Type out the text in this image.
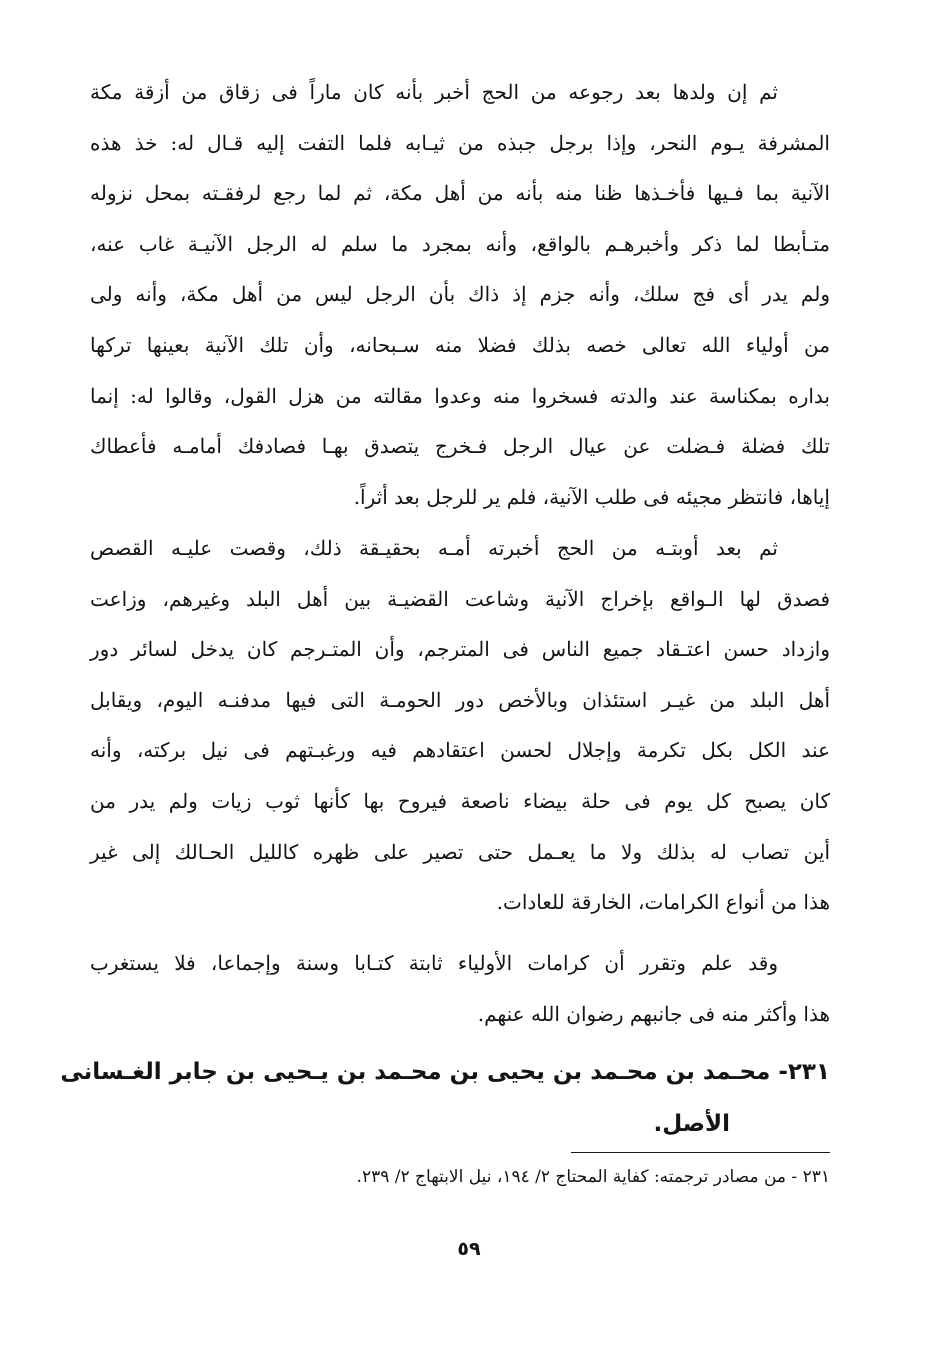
ثم إن ولدها بعد رجوعه من الحج أخبر بأنه كان ماراً فى زقاق من أزقة مكة
المشرفة يـوم النحر، وإذا برجل جبذه من ثيـابه فلما التفت إليه قـال له: خذ هذه
الآنية بما فـيها فأخـذها ظنا منه بأنه من أهل مكة، ثم لما رجع لرفقـته بمحل نزوله
متـأبطا لما ذكر وأخبرهـم بالواقع، وأنه بمجرد ما سلم له الرجل الآنيـة غاب عنه،
ولم يدر أى فج سلك، وأنه جزم إذ ذاك بأن الرجل ليس من أهل مكة، وأنه ولى
من أولياء الله تعالى خصه بذلك فضلا منه سـبحانه، وأن تلك الآنية بعينها تركها
بداره بمكناسة عند والدته فسخروا منه وعدوا مقالته من هزل القول، وقالوا له: إنما
تلك فضلة فـضلت عن عيال الرجل فـخرج يتصدق بهـا فصادفك أمامـه فأعطاك
إياها، فانتظر مجيئه فى طلب الآنية، فلم ير للرجل بعد أثراً.

ثم بعد أوبتـه من الحج أخبرته أمـه بحقيـقة ذلك، وقصت عليـه القصص
فصدق لها الـواقع بإخراج الآنية وشاعت القضيـة بين أهل البلد وغيرهم، وزاعت
وازداد حسن اعتـقاد جميع الناس فى المترجم، وأن المتـرجم كان يدخل لسائر دور
أهل البلد من غيـر استئذان وبالأخص دور الحومـة التى فيها مدفنـه اليوم، ويقابل
عند الكل بكل تكرمة وإجلال لحسن اعتقادهم فيه ورغبـتهم فى نيل بركته، وأنه
كان يصبح كل يوم فى حلة بيضاء ناصعة فيروح بها كأنها ثوب زيات ولم يدر من
أين تصاب له بذلك ولا ما يعـمل حتى تصير على ظهره كالليل الحـالك إلى غير
هذا من أنواع الكرامات، الخارقة للعادات.

وقد علم وتقرر أن كرامات الأولياء ثابتة كتـابا وسنة وإجماعا، فلا يستغرب
هذا وأكثر منه فى جانبهم رضوان الله عنهم.

٢٣١- محـمد بن محـمد بن يحيى بن محـمد بن يـحيى بن جابر الغـسانى
الأصل.

٢٣١ - من مصادر ترجمته: كفاية المحتاج ٢/ ١٩٤، نيل الابتهاج ٢/ ٢٣٩.

٥٩
